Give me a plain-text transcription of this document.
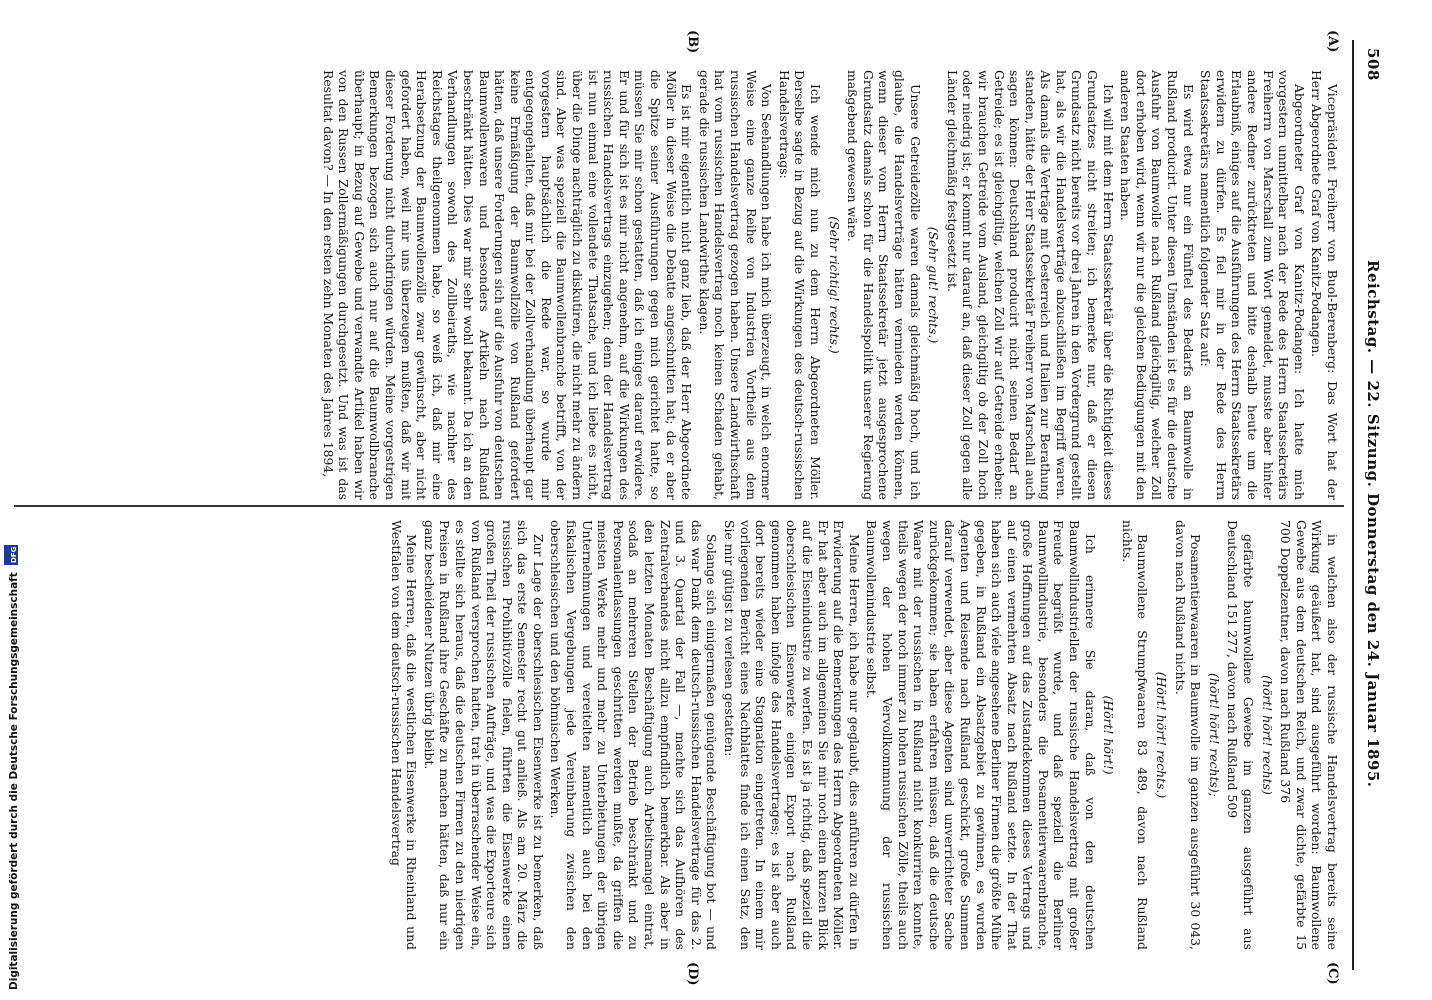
508
Reichstag. — 22. Sitzung. Donnerstag den 24. Januar 1895.
(A)
(B)
(C)
(D)

Vicepräsident Freiherr von Buol-Berenberg: Das Wort hat der Herr Abgeordnete Graf von Kanitz-Podangen.

Abgeordneter Graf von Kanitz-Podangen: Ich hatte mich vorgestern unmittelbar nach der Rede des Herrn Staatssekretärs Freiherrn von Marschall zum Wort gemeldet, musste aber hinter andere Redner zurücktreten und bitte deshalb heute um die Erlaubniß, einiges auf die Ausführungen des Herrn Staatssekretärs erwidern zu dürfen. Es fiel mir in der Rede des Herrn Staatssekretärs namentlich folgender Satz auf:

Es wird etwa nur ein Fünftel des Bedarfs an Baumwolle in Rußland producirt. Unter diesen Umständen ist es für die deutsche Ausfuhr von Baumwolle nach Rußland gleichgiltig, welcher Zoll dort erhoben wird, wenn wir nur die gleichen Bedingungen mit den anderen Staaten haben.

Ich will mit dem Herrn Staatssekretär über die Richtigkeit dieses Grundsatzes nicht streiten; ich bemerke nur, daß er diesen Grundsatz nicht bereits vor drei Jahren in den Vordergrund gestellt hat, als wir die Handelsverträge abzuschließen im Begriff waren. Als damals die Verträge mit Oesterreich und Italien zur Berathung standen, hätte der Herr Staatssekretär Freiherr von Marschall auch sagen können: Deutschland producirt nicht seinen Bedarf an Getreide; es ist gleichgiltig, welchen Zoll wir auf Getreide erheben: wir brauchen Getreide vom Ausland, gleichgiltig ob der Zoll hoch oder niedrig ist; er kommt nur darauf an, daß dieser Zoll gegen alle Länder gleichmäßig festgesetzt ist.

(Sehr gut! rechts.)

Unsere Getreidezölle waren damals gleichmäßig hoch, und ich glaube, die Handelsverträge hätten vermieden werden können, wenn dieser vom Herrn Staatssekretär jetzt ausgesprochene Grundsatz damals schon für die Handelspolitik unserer Regierung maßgebend gewesen wäre.

(Sehr richtig! rechts.)

Ich wende mich nun zu dem Herrn Abgeordneten Möller. Derselbe sagte in Bezug auf die Wirkungen des deutsch-russischen Handelsvertrags:

Von Seehandlungen habe ich mich überzeugt, in welch enormer Weise eine ganze Reihe von Industrien Vortheile aus dem russischen Handelsvertrag gezogen haben. Unsere Landwirthschaft hat vom russischen Handelsvertrag noch keinen Schaden gehabt, gerade die russischen Landwirthe klagen.

Es ist mir eigentlich nicht ganz lieb, daß der Herr Abgeordnete Möller in dieser Weise die Debatte angeschnitten hat; da er aber die Spitze seiner Ausführungen gegen mich gerichtet hatte, so müssen Sie mir schon gestatten, daß ich einiges darauf erwidere. Er und für sich ist es mir nicht angenehm, auf die Wirkungen des russischen Handelsvertrags einzugehen; denn der Handelsvertrag ist nun einmal eine vollendete Thatsache, und ich liebe es nicht, über die Dinge nachträglich zu diskutiren, die nicht mehr zu ändern sind. Aber was speziell die Baumwollenbranche betrifft, von der vorgestern hauptsächlich die Rede war, so wurde mir entgegengehalten, daß mir bei der Zollverhandlung überhaupt gar keine Ermäßigung der Baumwollzölle von Rußland gefordert hätten, daß unsere Forderungen sich auf die Ausfuhr von deutschen Baumwollenwaren und besonders Artikeln nach Rußland beschränkt hätten. Dies war mir sehr wohl bekannt. Da ich an den Verhandlungen sowohl des Zollbeiraths, wie nachher des Reichstages theilgenommen habe, so weiß ich, daß mir eine Herabsetzung der Baumwollenzölle zwar gewünscht, aber nicht gefordert haben, weil mir uns überzeugen mußten, daß wir mit dieser Forderung nicht durchdringen würden. Meine vorgestrigen Bemerkungen bezogen sich auch nur auf die Baumwollbranche überhaupt; in Bezug auf Gewebe und verwandte Artikel haben wir von den Russen Zollermäßigungen durchgesetzt. Und was ist das Resultat davon? — In den ersten zehn Monaten des Jahres 1894,

in welchen also der russische Handelsvertrag bereits seine Wirkung geäußert hat, sind ausgeführt worden: Baumwollene Gewebe aus dem deutschen Reich, und zwar dichte, gefärbte 15 700 Doppelzentner, davon nach Rußland 376

(hört! hört! rechts)

gefärbte baumwollene Gewebe im ganzen ausgeführt aus Deutschland 151 277, davon nach Rußland 509

(hört! hört! rechts);

Posamentierwaaren in Baumwolle im ganzen ausgeführt 30 043, davon nach Rußland nichts.

(Hört! hört! rechts.)

Baumwollene Strumpfwaaren 83 489, davon nach Rußland nichts.

(Hört! hört!)

Ich erinnere Sie daran, daß von den deutschen Baumwollindustriellen der russische Handelsvertrag mit großer Freude begrüßt wurde, und daß speziell die Berliner Baumwollindustrie, besonders die Posamentierwaarenbranche, große Hoffnungen auf das Zustandekommen dieses Vertrags und auf einen vermehrten Absatz nach Rußland setzte. In der That haben sich auch viele angesehene Berliner Firmen die größte Mühe gegeben, in Rußland ein Absatzgebiet zu gewinnen, es wurden Agenten und Reisende nach Rußland geschickt, große Summen darauf verwendet, aber diese Agenten sind unverrichteter Sache zurückgekommen; sie haben erfahren müssen, daß die deutsche Waare mit der russischen in Rußland nicht konkurriren konnte, theils wegen der noch immer zu hohen russischen Zölle, theils auch wegen der hohen Vervollkommnung der russischen Baumwollenindustrie selbst.

Meine Herren, ich habe nur geglaubt, dies anführen zu dürfen in Erwiderung auf die Bemerkungen des Herrn Abgeordneten Möller. Er hat aber auch im allgemeinen Sie mir noch einen kurzen Blick auf die Eisenindustrie zu werfen. Es ist ja richtig, daß speziell die oberschlesischen Eisenwerke einigen Export nach Rußland genommen haben infolge des Handelsvertrages; es ist aber auch dort bereits wieder eine Stagnation eingetreten. In einem mir vorliegenden Bericht eines Nachblattes finde ich einen Satz, den Sie mir gütigst zu verlesen gestatten:

Solange sich einigermaßen genügende Beschäftigung bot — und das war Dank dem deutsch-russischen Handelsvertrage für das 2. und 3. Quartal der Fall —, machte sich das Aufhören des Zentralverbandes nicht allzu empfindlich bemerkbar. Als aber in den letzten Monaten Beschäftigung auch Arbeitsmangel eintrat, sodaß an mehreren Stellen der Betrieb beschränkt und zu Personalentlassungen geschritten werden mußte, da griffen die meisten Werke mehr und mehr zu Unterbietungen der übrigen Unternehmungen und vereitelten namentlich auch bei den fiskalischen Vergebungen jede Vereinbarung zwischen den oberschlesischen und den böhmischen Werken.

Zur Lage der oberschlesischen Eisenwerke ist zu bemerken, daß sich das erste Semester recht gut anließ. Als am 20. März die russischen Prohibitivzölle fielen, führten die Eisenwerke einen großen Theil der russischen Aufträge, und was die Exporteure sich von Rußland versprochen hatten, trat in überraschender Weise ein, es stellte sich heraus, daß die deutschen Firmen zu den niedrigen Preisen in Rußland ihre Geschäfte zu machen hätten, daß nur ein ganz bescheidener Nutzen übrig bleibt.

Meine Herren, daß die westlichen Eisenwerke in Rheinland und Westfalen von dem deutsch-russischen Handelsvertrag

Digitalisierung gefördert durch die Deutsche Forschungsgemeinschaft DFG
